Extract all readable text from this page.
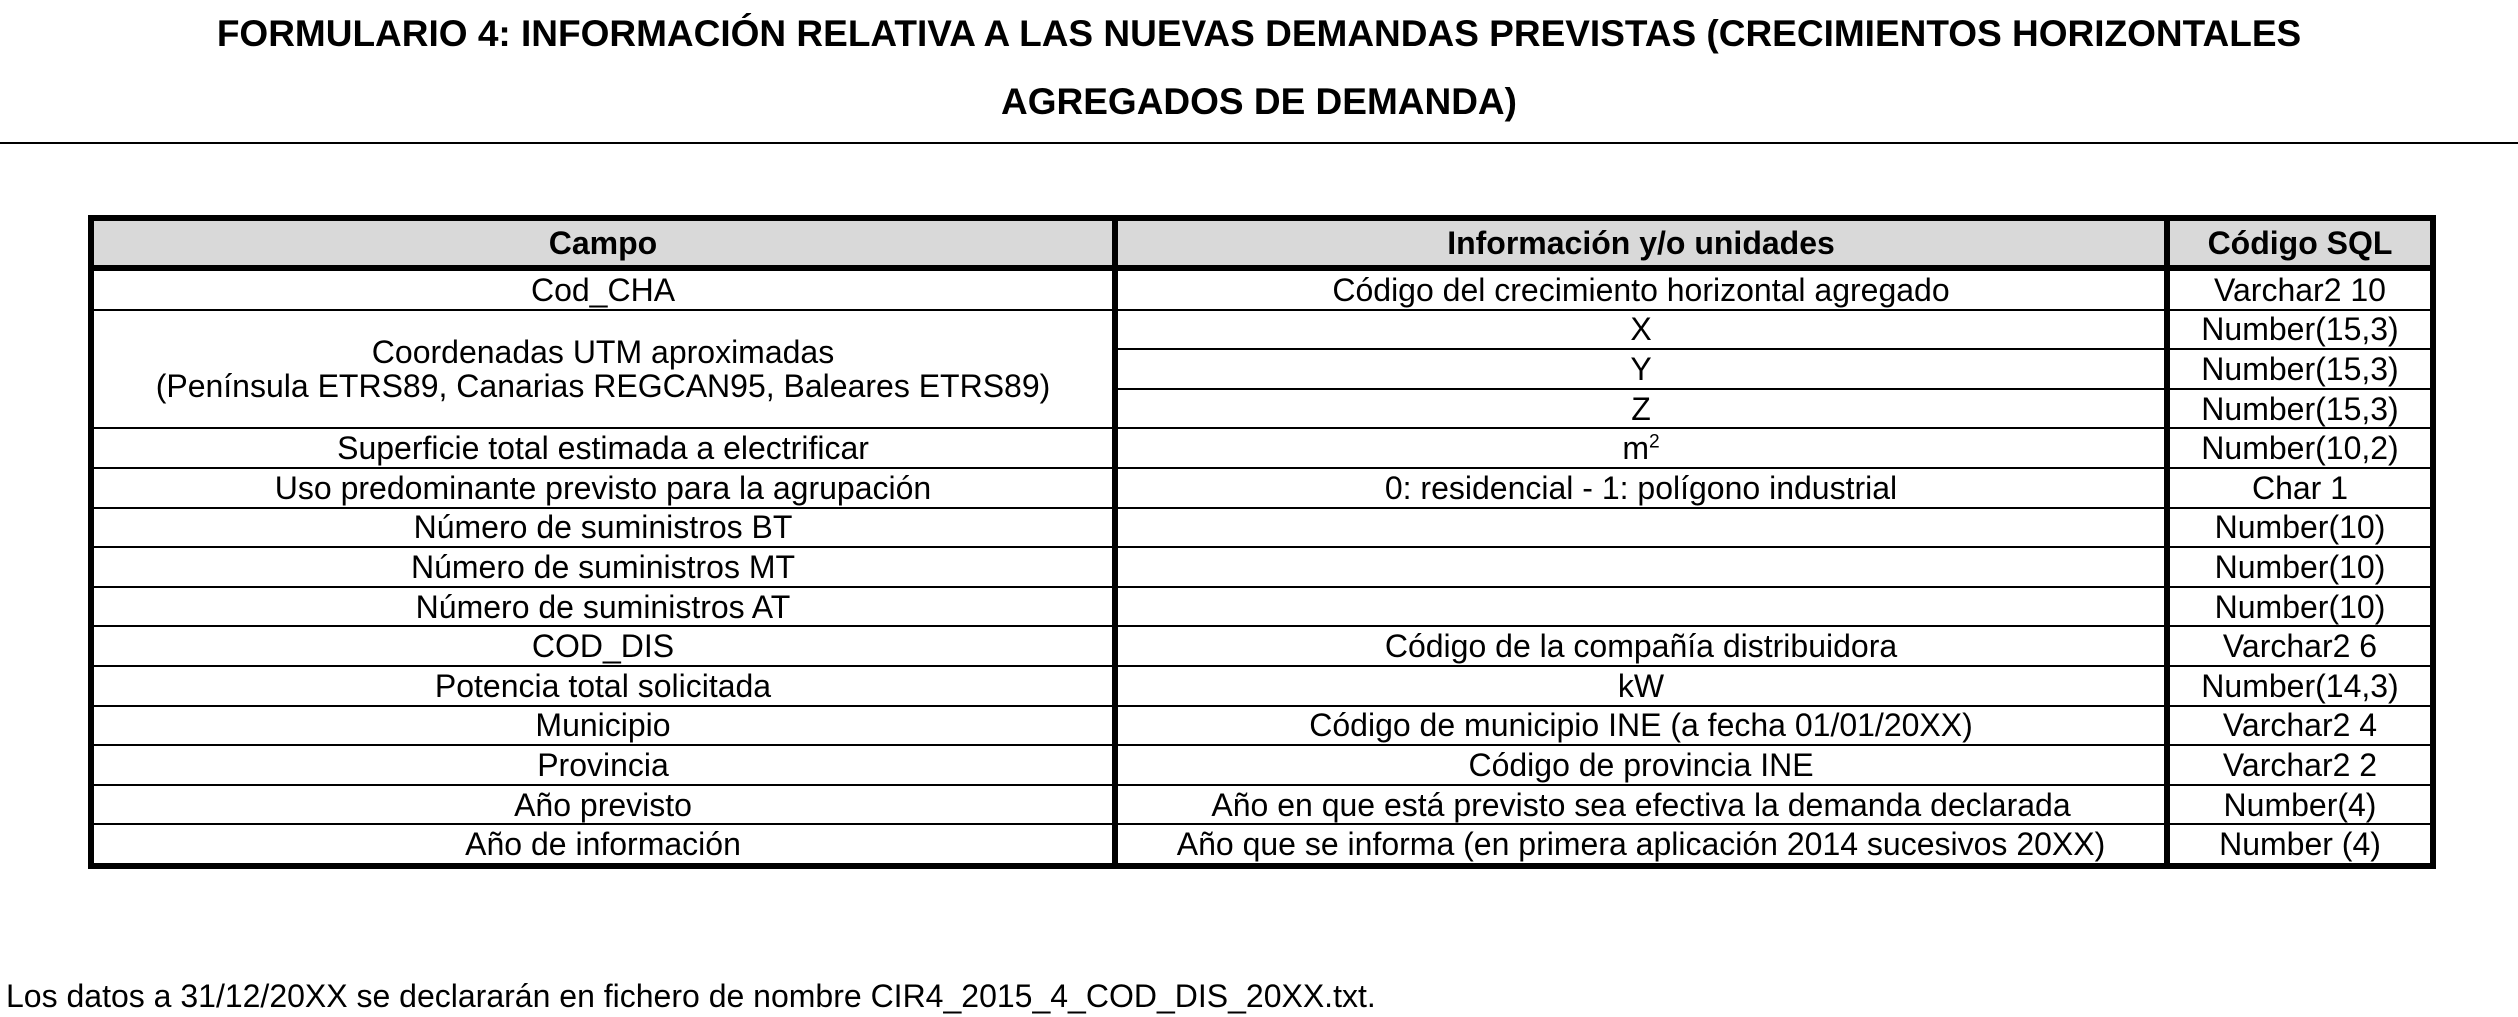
FORMULARIO 4: INFORMACIÓN RELATIVA A LAS NUEVAS DEMANDAS PREVISTAS (CRECIMIENTOS HORIZONTALES
AGREGADOS DE DEMANDA)
Campo	Información y/o unidades	Código SQL
Cod_CHA	Código del crecimiento horizontal agregado	Varchar2 10

Coordenadas UTM aproximadas
(Península ETRS89, Canarias REGCAN95, Baleares ETRS89)	X	Number(15,3)
	Y	Number(15,3)
	Z	Number(15,3)
Superficie total estimada a electrificar	$m^2$	Number(10,2)
Uso predominante previsto para la agrupación	0: residencial - 1: polígono industrial	Char 1
Número de suministros BT		Number(10)
Número de suministros MT		Number(10)
Número de suministros AT		Number(10)
COD_DIS	Código de la compañía distribuidora	Varchar2 6
Potencia total solicitada	kW	Number(14,3)
Municipio	Código de municipio INE (a fecha 01/01/20XX)	Varchar2 4
Provincia	Código de provincia INE	Varchar2 2
Año previsto	Año en que está previsto sea efectiva la demanda declarada	Number(4)
Año de información	Año que se informa (en primera aplicación 2014 sucesivos 20XX)	Number (4)
Los datos a 31/12/20XX se declararán en fichero de nombre CIR4_2015_4_COD_DIS_20XX.txt.
